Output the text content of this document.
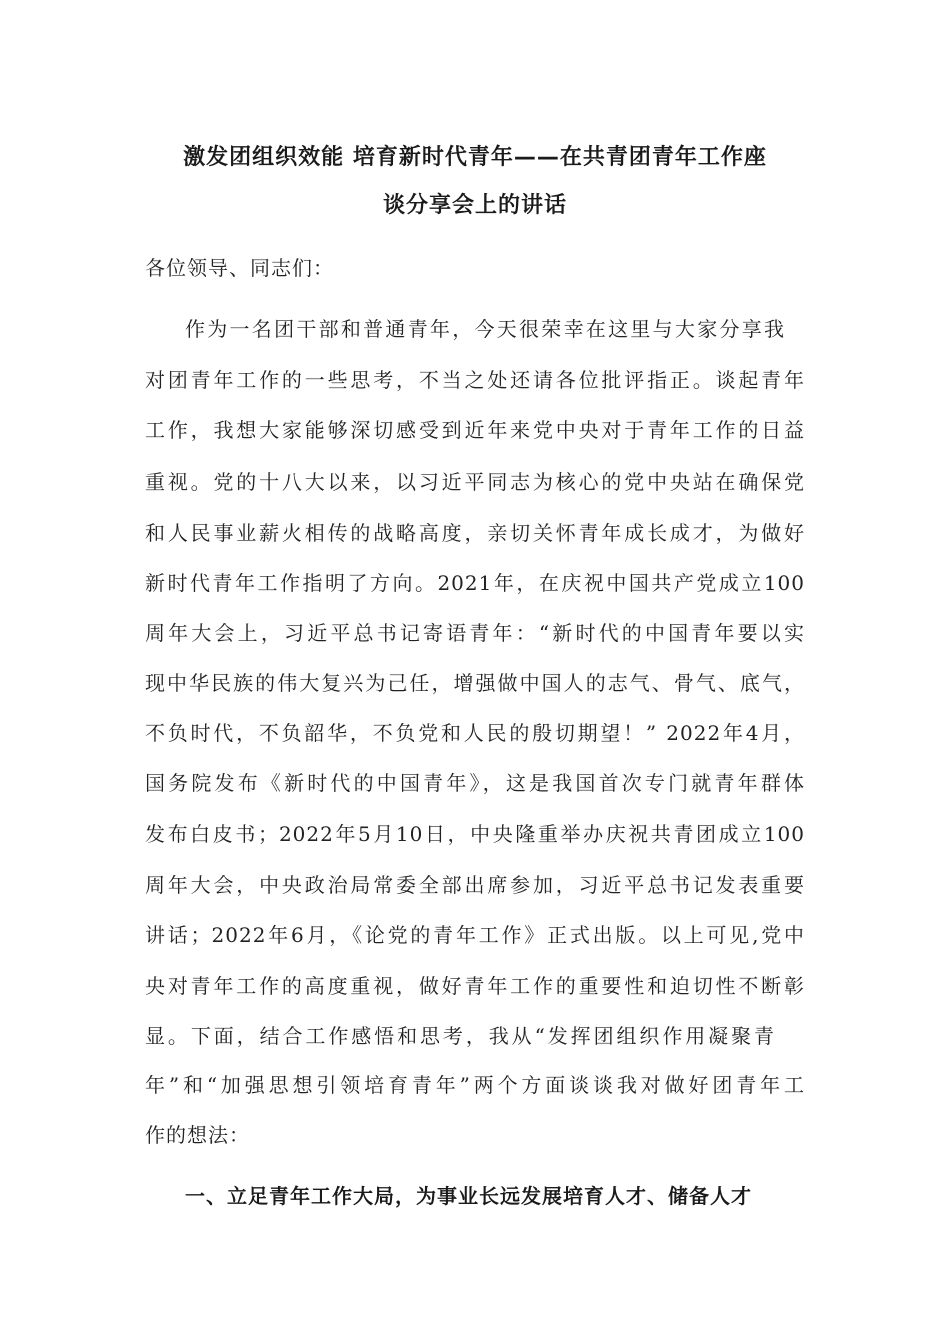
激发团组织效能 培育新时代青年——在共青团青年工作座
谈分享会上的讲话
各位领导、同志们：
作为一名团干部和普通青年，今天很荣幸在这里与大家分享我
对团青年工作的一些思考，不当之处还请各位批评指正。谈起青年
工作，我想大家能够深切感受到近年来党中央对于青年工作的日益
重视。党的十八大以来，以习近平同志为核心的党中央站在确保党
和人民事业薪火相传的战略高度，亲切关怀青年成长成才，为做好
新时代青年工作指明了方向。2021年，在庆祝中国共产党成立100
周年大会上，习近平总书记寄语青年：“新时代的中国青年要以实
现中华民族的伟大复兴为己任，增强做中国人的志气、骨气、底气，
不负时代，不负韶华，不负党和人民的殷切期望！” 2022年4月，
国务院发布《新时代的中国青年》，这是我国首次专门就青年群体
发布白皮书；2022年5月10日，中央隆重举办庆祝共青团成立100
周年大会，中央政治局常委全部出席参加，习近平总书记发表重要
讲话；2022年6月，《论党的青年工作》正式出版。以上可见,党中
央对青年工作的高度重视，做好青年工作的重要性和迫切性不断彰
显。下面，结合工作感悟和思考，我从“发挥团组织作用凝聚青
年”和“加强思想引领培育青年”两个方面谈谈我对做好团青年工
作的想法：
一、立足青年工作大局，为事业长远发展培育人才、储备人才
